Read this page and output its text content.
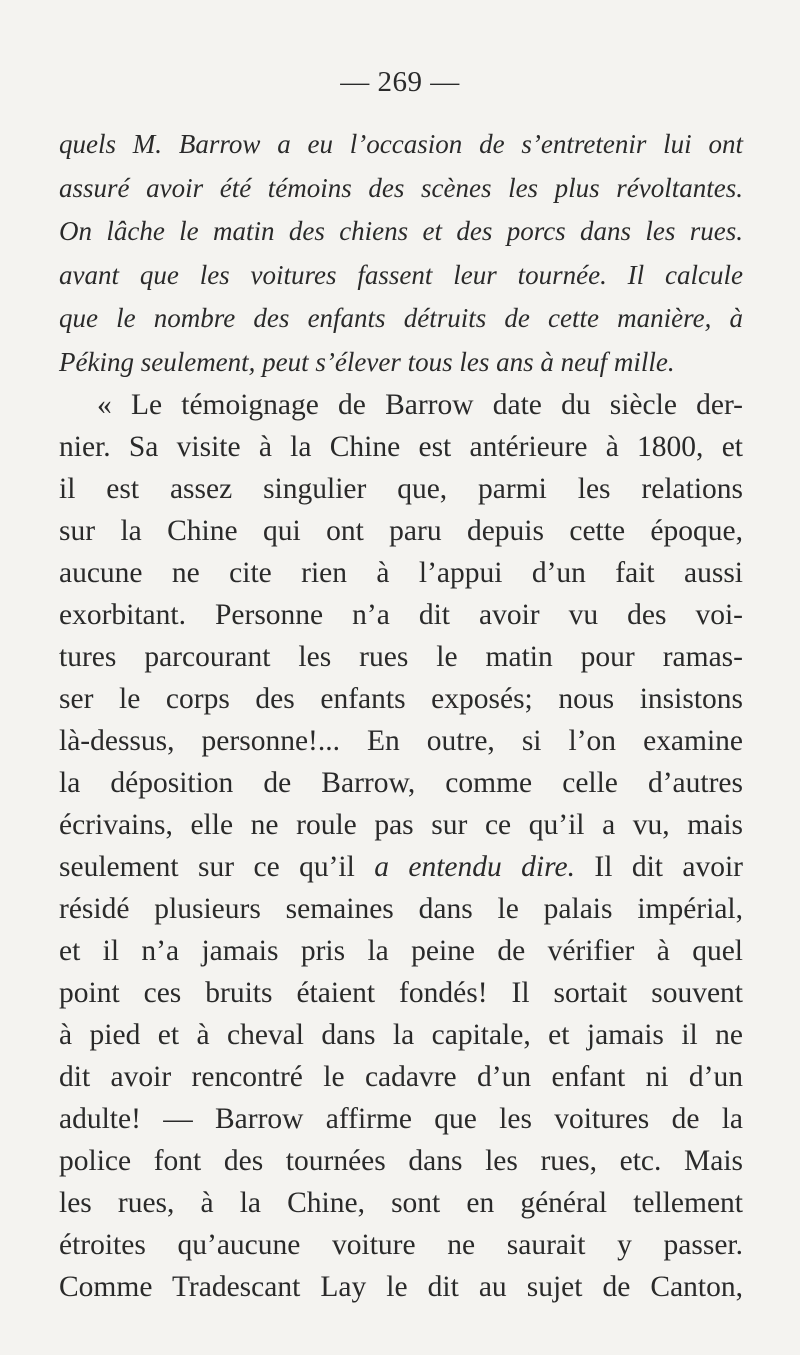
— 269 —
quels M. Barrow a eu l’occasion de s’entretenir lui ont
assuré avoir été témoins des scènes les plus révoltantes.
On lâche le matin des chiens et des porcs dans les rues.
avant que les voitures fassent leur tournée. Il calcule
que le nombre des enfants détruits de cette manière, à
Péking seulement, peut s’élever tous les ans à neuf mille.
« Le témoignage de Barrow date du siècle der-
nier. Sa visite à la Chine est antérieure à 1800, et
il est assez singulier que, parmi les relations
sur la Chine qui ont paru depuis cette époque,
aucune ne cite rien à l’appui d’un fait aussi
exorbitant. Personne n’a dit avoir vu des voi-
tures parcourant les rues le matin pour ramas-
ser le corps des enfants exposés; nous insistons
là-dessus, personne!... En outre, si l’on examine
la déposition de Barrow, comme celle d’autres
écrivains, elle ne roule pas sur ce qu’il a vu, mais
seulement sur ce qu’il a entendu dire. Il dit avoir
résidé plusieurs semaines dans le palais impérial,
et il n’a jamais pris la peine de vérifier à quel
point ces bruits étaient fondés! Il sortait souvent
à pied et à cheval dans la capitale, et jamais il ne
dit avoir rencontré le cadavre d’un enfant ni d’un
adulte! — Barrow affirme que les voitures de la
police font des tournées dans les rues, etc. Mais
les rues, à la Chine, sont en général tellement
étroites qu’aucune voiture ne saurait y passer.
Comme Tradescant Lay le dit au sujet de Canton,
